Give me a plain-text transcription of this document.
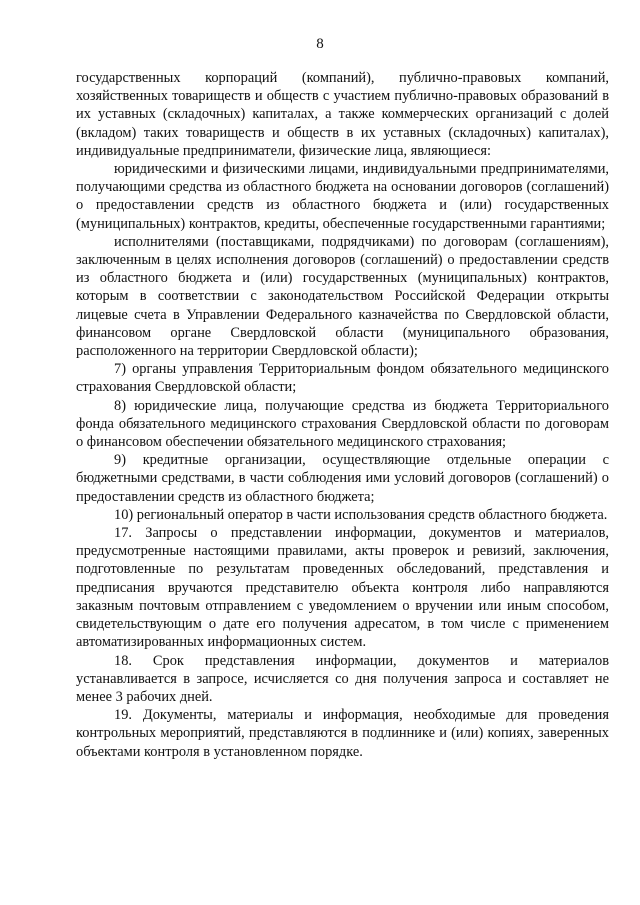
8

государственных корпораций (компаний), публично-правовых компаний, хозяйственных товариществ и обществ с участием публично-правовых образований в их уставных (складочных) капиталах, а также коммерческих организаций с долей (вкладом) таких товариществ и обществ в их уставных (складочных) капиталах), индивидуальные предприниматели, физические лица, являющиеся:

юридическими и физическими лицами, индивидуальными предпринимателями, получающими средства из областного бюджета на основании договоров (соглашений) о предоставлении средств из областного бюджета и (или) государственных (муниципальных) контрактов, кредиты, обеспеченные государственными гарантиями;

исполнителями (поставщиками, подрядчиками) по договорам (соглашениям), заключенным в целях исполнения договоров (соглашений) о предоставлении средств из областного бюджета и (или) государственных (муниципальных) контрактов, которым в соответствии с законодательством Российской Федерации открыты лицевые счета в Управлении Федерального казначейства по Свердловской области, финансовом органе Свердловской области (муниципального образования, расположенного на территории Свердловской области);

7) органы управления Территориальным фондом обязательного медицинского страхования Свердловской области;

8) юридические лица, получающие средства из бюджета Территориального фонда обязательного медицинского страхования Свердловской области по договорам о финансовом обеспечении обязательного медицинского страхования;

9) кредитные организации, осуществляющие отдельные операции с бюджетными средствами, в части соблюдения ими условий договоров (соглашений) о предоставлении средств из областного бюджета;

10) региональный оператор в части использования средств областного бюджета.

17. Запросы о представлении информации, документов и материалов, предусмотренные настоящими правилами, акты проверок и ревизий, заключения, подготовленные по результатам проведенных обследований, представления и предписания вручаются представителю объекта контроля либо направляются заказным почтовым отправлением с уведомлением о вручении или иным способом, свидетельствующим о дате его получения адресатом, в том числе с применением автоматизированных информационных систем.

18. Срок представления информации, документов и материалов устанавливается в запросе, исчисляется со дня получения запроса и составляет не менее 3 рабочих дней.

19. Документы, материалы и информация, необходимые для проведения контрольных мероприятий, представляются в подлиннике и (или) копиях, заверенных объектами контроля в установленном порядке.
